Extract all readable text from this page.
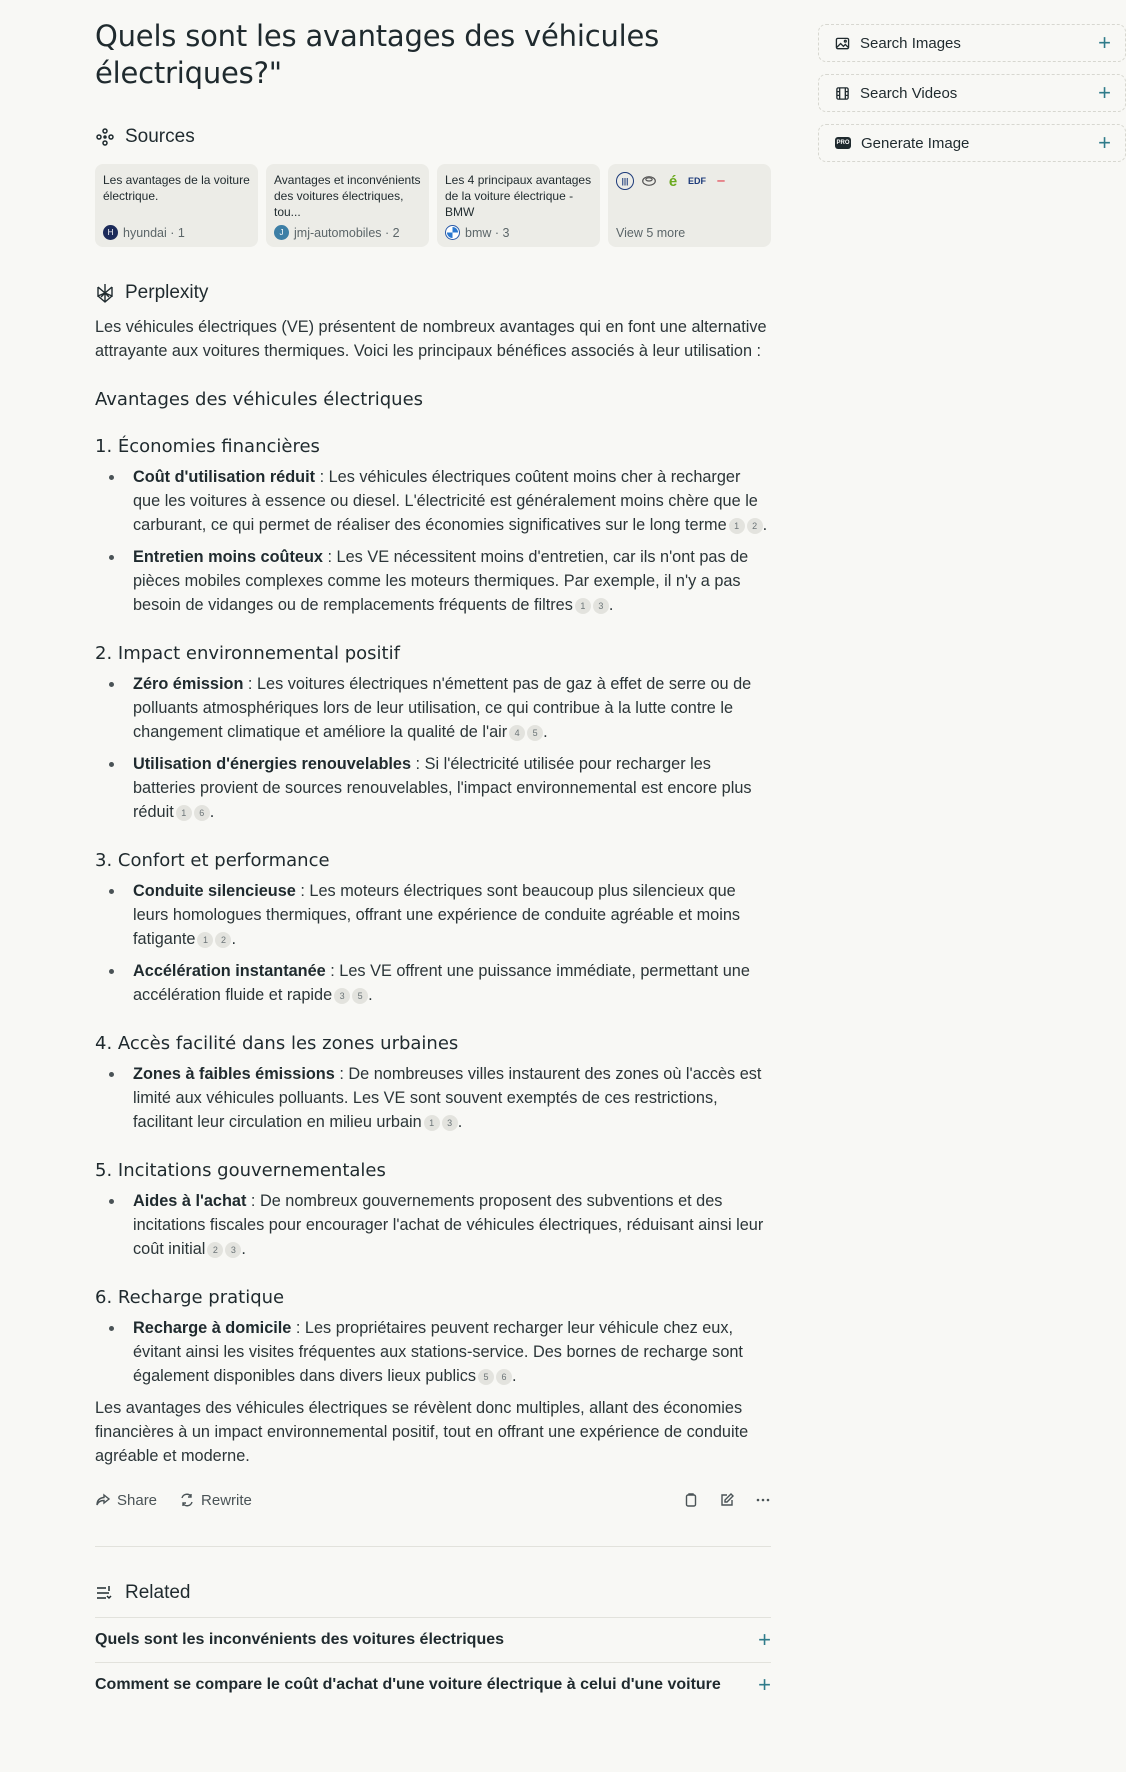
Quels sont les avantages des véhicules électriques?"
Sources
Les avantages de la voiture électrique.
H hyundai · 1
Avantages et inconvénients des voitures électriques, tou...
J jmj-automobiles · 2
Les 4 principaux avantages de la voiture électrique - BMW
bmw · 3
|||	é	EDF	━━
View 5 more
Perplexity

Les véhicules électriques (VE) présentent de nombreux avantages qui en font une alternative attrayante aux voitures thermiques. Voici les principaux bénéfices associés à leur utilisation :

Avantages des véhicules électriques
1. Économies financières
Coût d'utilisation réduit : Les véhicules électriques coûtent moins cher à recharger que les voitures à essence ou diesel. L'électricité est généralement moins chère que le carburant, ce qui permet de réaliser des économies significatives sur le long terme 1 2 .
Entretien moins coûteux : Les VE nécessitent moins d'entretien, car ils n'ont pas de pièces mobiles complexes comme les moteurs thermiques. Par exemple, il n'y a pas besoin de vidanges ou de remplacements fréquents de filtres 1 3 .
2. Impact environnemental positif
Zéro émission : Les voitures électriques n'émettent pas de gaz à effet de serre ou de polluants atmosphériques lors de leur utilisation, ce qui contribue à la lutte contre le changement climatique et améliore la qualité de l'air 4 5 .
Utilisation d'énergies renouvelables : Si l'électricité utilisée pour recharger les batteries provient de sources renouvelables, l'impact environnemental est encore plus réduit 1 6 .
3. Confort et performance
Conduite silencieuse : Les moteurs électriques sont beaucoup plus silencieux que leurs homologues thermiques, offrant une expérience de conduite agréable et moins fatigante 1 2 .
Accélération instantanée : Les VE offrent une puissance immédiate, permettant une accélération fluide et rapide 3 5 .
4. Accès facilité dans les zones urbaines
Zones à faibles émissions : De nombreuses villes instaurent des zones où l'accès est limité aux véhicules polluants. Les VE sont souvent exemptés de ces restrictions, facilitant leur circulation en milieu urbain 1 3 .
5. Incitations gouvernementales
Aides à l'achat : De nombreux gouvernements proposent des subventions et des incitations fiscales pour encourager l'achat de véhicules électriques, réduisant ainsi leur coût initial 2 3 .
6. Recharge pratique
Recharge à domicile : Les propriétaires peuvent recharger leur véhicule chez eux, évitant ainsi les visites fréquentes aux stations-service. Des bornes de recharge sont également disponibles dans divers lieux publics 5 6 .

Les avantages des véhicules électriques se révèlent donc multiples, allant des économies financières à un impact environnemental positif, tout en offrant une expérience de conduite agréable et moderne.

Share	Rewrite
Related
Quels sont les inconvénients des voitures électriques	+
Comment se compare le coût d'achat d'une voiture électrique à celui d'une voiture +
Search Images	+
Search Videos	+
PRO Generate Image	+
